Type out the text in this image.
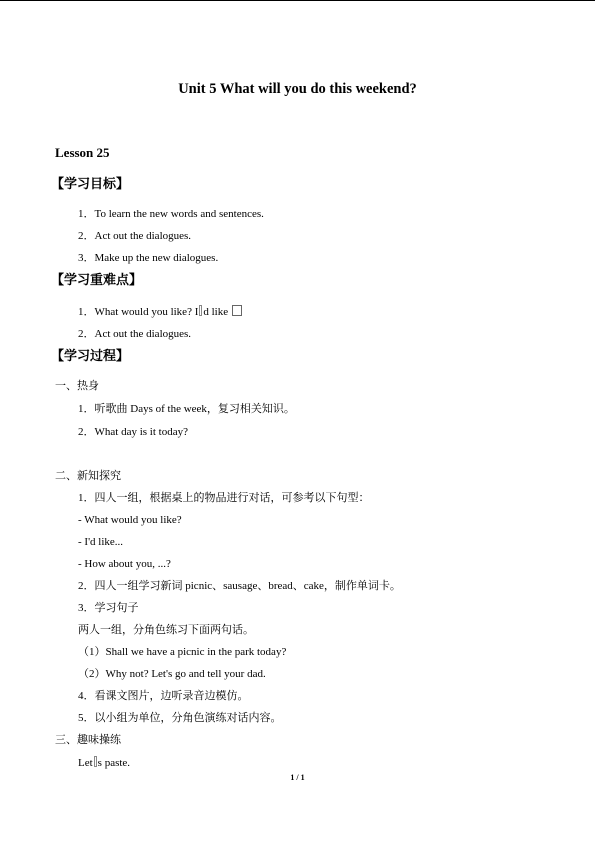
Unit 5 What will you do this weekend?
Lesson 25
【学习目标】
1．To learn the new words and sentences.
2．Act out the dialogues.
3．Make up the new dialogues.
【学习重难点】
1．What would you like? I d like
2．Act out the dialogues.
【学习过程】
一、热身
1．听歌曲 Days of the week，复习相关知识。
2．What day is it today?
二、新知探究
1．四人一组，根据桌上的物品进行对话，可参考以下句型：
- What would you like?
- I'd like...
- How about you, ...?
2．四人一组学习新词 picnic、sausage、bread、cake，制作单词卡。
3．学习句子
两人一组，分角色练习下面两句话。
（1）Shall we have a picnic in the park today?
（2）Why not? Let's go and tell your dad.
4．看课文图片，边听录音边模仿。
5．以小组为单位，分角色演练对话内容。
三、趣味操练
Let s paste.
1 / 1
